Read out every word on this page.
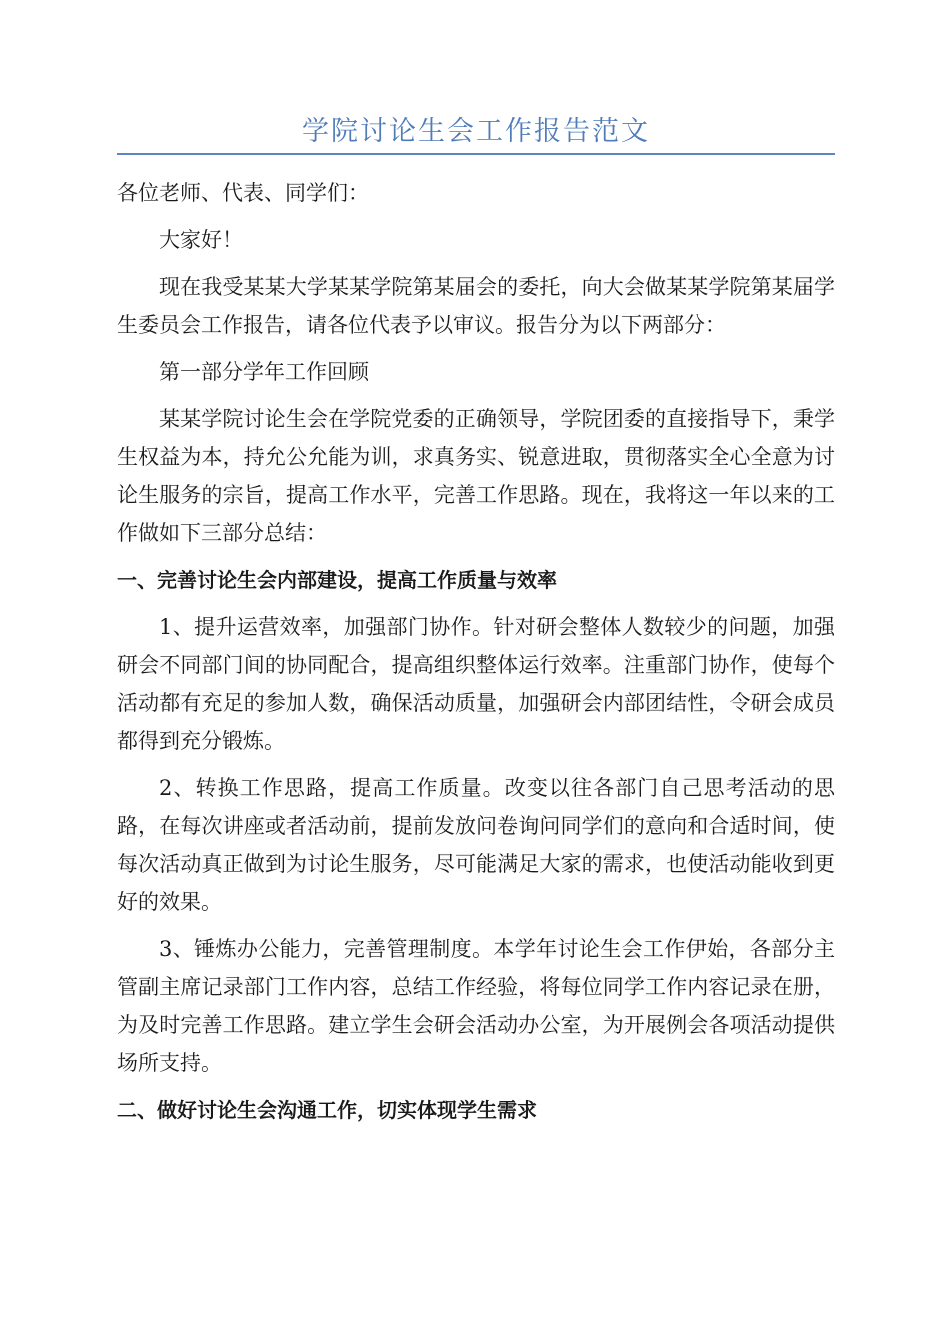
学院讨论生会工作报告范文

各位老师、代表、同学们：

大家好！

现在我受某某大学某某学院第某届会的委托，向大会做某某学院第某届学生委员会工作报告，请各位代表予以审议。报告分为以下两部分：

第一部分学年工作回顾

某某学院讨论生会在学院党委的正确领导，学院团委的直接指导下，秉学生权益为本，持允公允能为训，求真务实、锐意进取，贯彻落实全心全意为讨论生服务的宗旨，提高工作水平，完善工作思路。现在，我将这一年以来的工作做如下三部分总结：

一、完善讨论生会内部建设，提高工作质量与效率

1、提升运营效率，加强部门协作。针对研会整体人数较少的问题，加强研会不同部门间的协同配合，提高组织整体运行效率。注重部门协作，使每个活动都有充足的参加人数，确保活动质量，加强研会内部团结性，令研会成员都得到充分锻炼。

2、转换工作思路，提高工作质量。改变以往各部门自己思考活动的思路，在每次讲座或者活动前，提前发放问卷询问同学们的意向和合适时间，使每次活动真正做到为讨论生服务，尽可能满足大家的需求，也使活动能收到更好的效果。

3、锤炼办公能力，完善管理制度。本学年讨论生会工作伊始，各部分主管副主席记录部门工作内容，总结工作经验，将每位同学工作内容记录在册，为及时完善工作思路。建立学生会研会活动办公室，为开展例会各项活动提供场所支持。

二、做好讨论生会沟通工作，切实体现学生需求
